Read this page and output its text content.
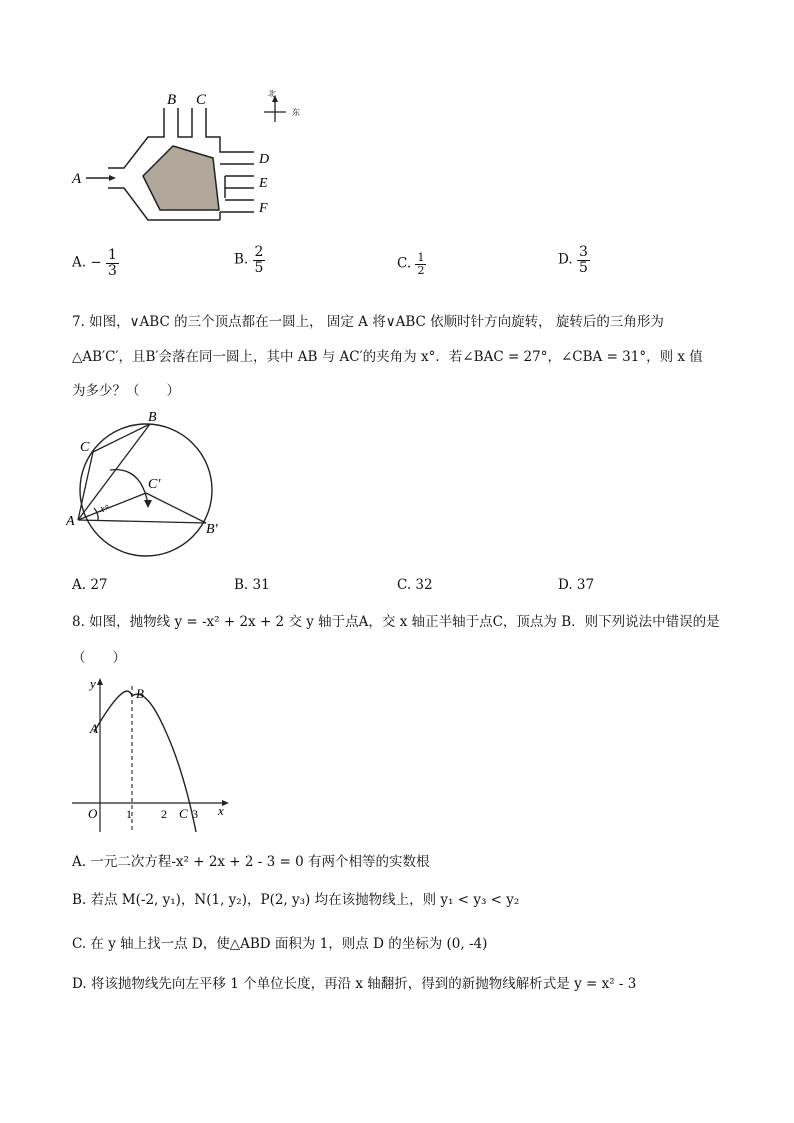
A
B C
D
E
F
北
东
A. − $\frac{1}{3}$	B. $\frac{2}{5}$	C. $\frac{1}{2}$	D. $\frac{3}{5}$
7. 如图，∨ABC 的三个顶点都在一圆上， 固定 A 将∨ABC 依顺时针方向旋转， 旋转后的三角形为
△AB′C′，且B′会落在同一圆上，其中 AB 与 AC′的夹角为 x°．若∠BAC = 27°，∠CBA = 31°，则 x 值
为多少？（　　）
A
B
C
C′
B′
x°
A. 27	B. 31	C. 32	D. 37
8. 如图，抛物线 y = -x² + 2x + 2 交 y 轴于点A，交 x 轴正半轴于点C，顶点为 B．则下列说法中错误的是
（　　）
y
x
O
A
B
C
1 2 3
A. 一元二次方程-x² + 2x + 2 - 3 = 0 有两个相等的实数根
B. 若点 M(-2, y₁)，N(1, y₂)，P(2, y₃) 均在该抛物线上，则 y₁ < y₃ < y₂
C. 在 y 轴上找一点 D，使△ABD 面积为 1，则点 D 的坐标为 (0, -4)
D. 将该抛物线先向左平移 1 个单位长度，再沿 x 轴翻折，得到的新抛物线解析式是 y = x² - 3
